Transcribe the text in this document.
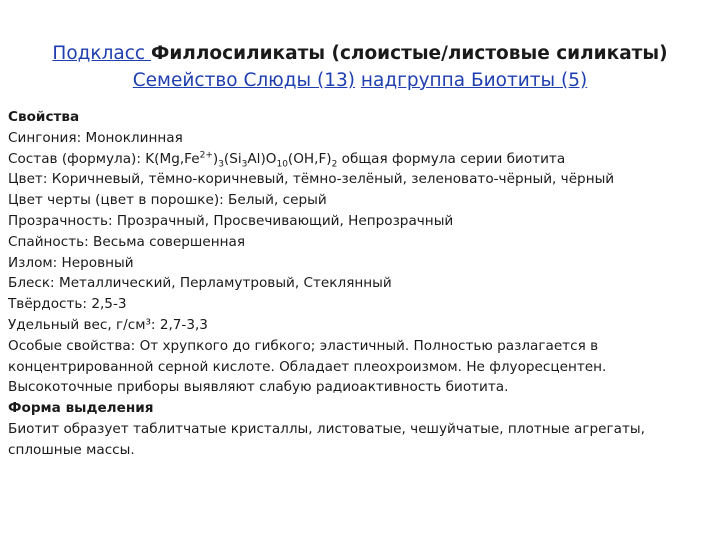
Подкласс Филлосиликаты (слоистые/листовые силикаты)
Семейство Слюды (13) надгруппа Биотиты (5)
Свойства
Сингония: Моноклинная
Состав (формула): $K(Mg,Fe^{2+})_3(Si_3Al)O_{10}(OH,F)_2$ общая формула серии биотита
Цвет: Коричневый, тёмно-коричневый, тёмно-зелёный, зеленовато-чёрный, чёрный
Цвет черты (цвет в порошке): Белый, серый
Прозрачность: Прозрачный, Просвечивающий, Непрозрачный
Спайность: Весьма совершенная
Излом: Неровный
Блеск: Металлический, Перламутровый, Стеклянный
Твёрдость: 2,5-3
Удельный вес, г/см³: 2,7-3,3
Особые свойства: От хрупкого до гибкого; эластичный. Полностью разлагается в
концентрированной серной кислоте. Обладает плеохроизмом. Не флуоресцентен.
Высокоточные приборы выявляют слабую радиоактивность биотита.
Форма выделения
Биотит образует таблитчатые кристаллы, листоватые, чешуйчатые, плотные агрегаты,
сплошные массы.
